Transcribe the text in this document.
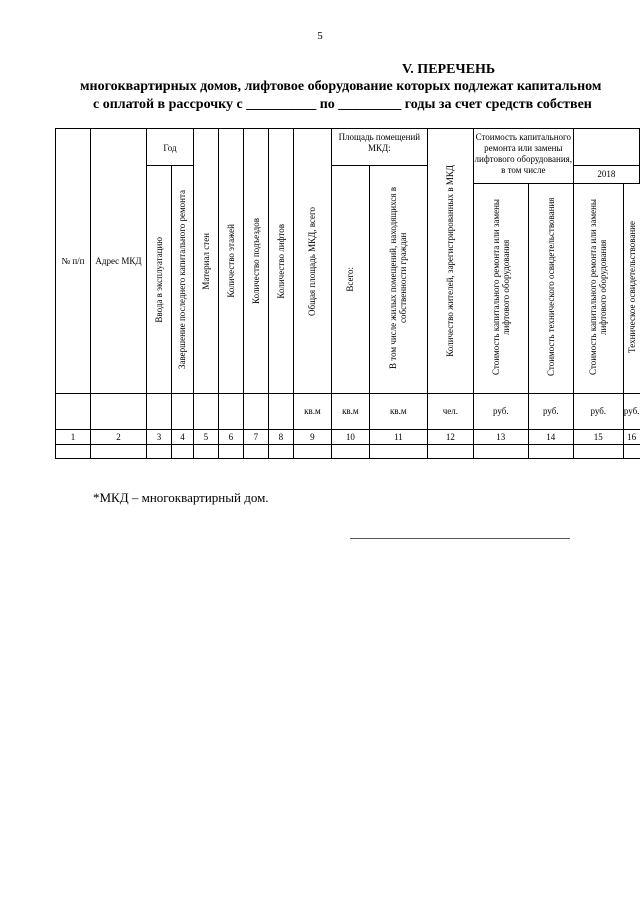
5
V. ПЕРЕЧЕНЬ
многоквартирных домов, лифтовое оборудование которых подлежат капитальном
с оплатой в рассрочку с __________ по _________ годы за счет средств собствен
№ п/п	Адрес МКД	Год		Материал стен	Количество этажей	Количество подъездов	Количество лифтов	Общая площадь МКД, всего	Площадь помещений МКД:		Количество жителей, зарегистрированных в МКД	Стоимость капитального ремонта или замены лифтового оборудования, в том числе			

		Ввода в эксплуатацию	Завершение последнего капитального ремонта						Всего:	В том числе жилых помещений, находящихся в собственности граждан				2018	

												Стоимость капитального ремонта или замены лифтового оборудования	Стоимость технического освидетельствования	Стоимость капитального ремонта или замены лифтового оборудования	Техническое освидетельствование

								кв.м	кв.м	кв.м	чел.	руб.	руб.	руб.	руб.
1	2	3	4	5	6	7	8	9	10	11	12	13	14	15	16

*МКД – многоквартирный дом.
